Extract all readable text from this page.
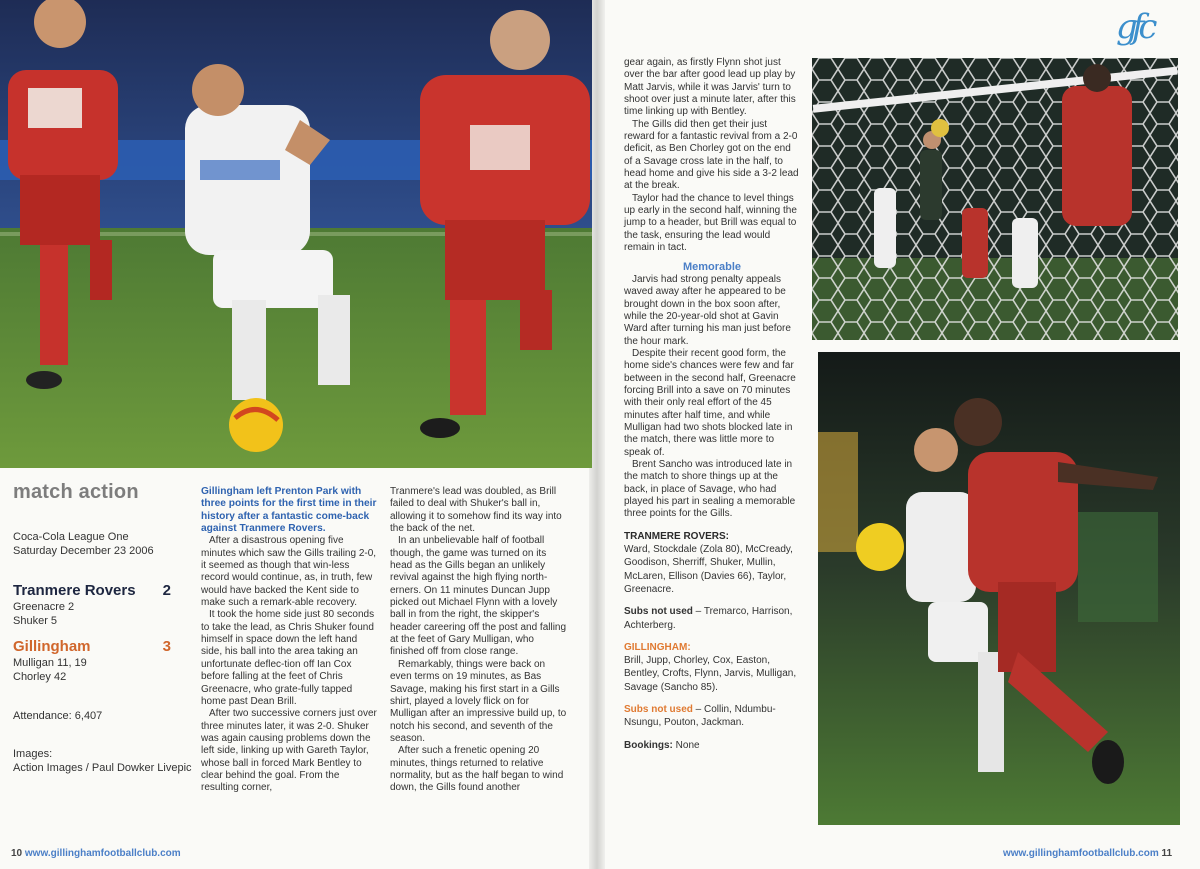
match action
Coca-Cola League One
Saturday December 23 2006
Tranmere Rovers	2
Greenacre 2
Shuker 5
Gillingham	3
Mulligan 11, 19
Chorley 42
Attendance: 6,407
Images:
Action Images / Paul Dowker Livepic

Gillingham left Prenton Park with three points for the first time in their history after a fantastic come-back against Tranmere Rovers.

After a disastrous opening five minutes which saw the Gills trailing 2-0, it seemed as though that win-less record would continue, as, in truth, few would have backed the Kent side to make such a remark-able recovery.

It took the home side just 80 seconds to take the lead, as Chris Shuker found himself in space down the left hand side, his ball into the area taking an unfortunate deflec-tion off Ian Cox before falling at the feet of Chris Greenacre, who grate-fully tapped home past Dean Brill.

After two successive corners just over three minutes later, it was 2-0. Shuker was again causing problems down the left side, linking up with Gareth Taylor, whose ball in forced Mark Bentley to clear behind the goal. From the resulting corner,

Tranmere's lead was doubled, as Brill failed to deal with Shuker's ball in, allowing it to somehow find its way into the back of the net.

In an unbelievable half of football though, the game was turned on its head as the Gills began an unlikely revival against the high flying north-erners. On 11 minutes Duncan Jupp picked out Michael Flynn with a lovely ball in from the right, the skipper's header careering off the post and falling at the feet of Gary Mulligan, who finished off from close range.

Remarkably, things were back on even terms on 19 minutes, as Bas Savage, making his first start in a Gills shirt, played a lovely flick on for Mulligan after an impressive build up, to notch his second, and seventh of the season.

After such a frenetic opening 20 minutes, things returned to relative normality, but as the half began to wind down, the Gills found another

10 www.gillinghamfootballclub.com
gfc

gear again, as firstly Flynn shot just over the bar after good lead up play by Matt Jarvis, while it was Jarvis' turn to shoot over just a minute later, after this time linking up with Bentley.

The Gills did then get their just reward for a fantastic revival from a 2-0 deficit, as Ben Chorley got on the end of a Savage cross late in the half, to head home and give his side a 3-2 lead at the break.

Taylor had the chance to level things up early in the second half, winning the jump to a header, but Brill was equal to the task, ensuring the lead would remain in tact.

Memorable

Jarvis had strong penalty appeals waved away after he appeared to be brought down in the box soon after, while the 20-year-old shot at Gavin Ward after turning his man just before the hour mark.

Despite their recent good form, the home side's chances were few and far between in the second half, Greenacre forcing Brill into a save on 70 minutes with their only real effort of the 45 minutes after half time, and while Mulligan had two shots blocked late in the match, there was little more to speak of.

Brent Sancho was introduced late in the match to shore things up at the back, in place of Savage, who had played his part in sealing a memorable three points for the Gills.

TRANMERE ROVERS:
Ward, Stockdale (Zola 80), McCready, Goodison, Sherriff, Shuker, Mullin, McLaren, Ellison (Davies 66), Taylor, Greenacre.
Subs not used – Tremarco, Harrison, Achterberg.
GILLINGHAM:
Brill, Jupp, Chorley, Cox, Easton, Bentley, Crofts, Flynn, Jarvis, Mulligan, Savage (Sancho 85).
Subs not used – Collin, Ndumbu-Nsungu, Pouton, Jackman.
Bookings: None
www.gillinghamfootballclub.com 11
